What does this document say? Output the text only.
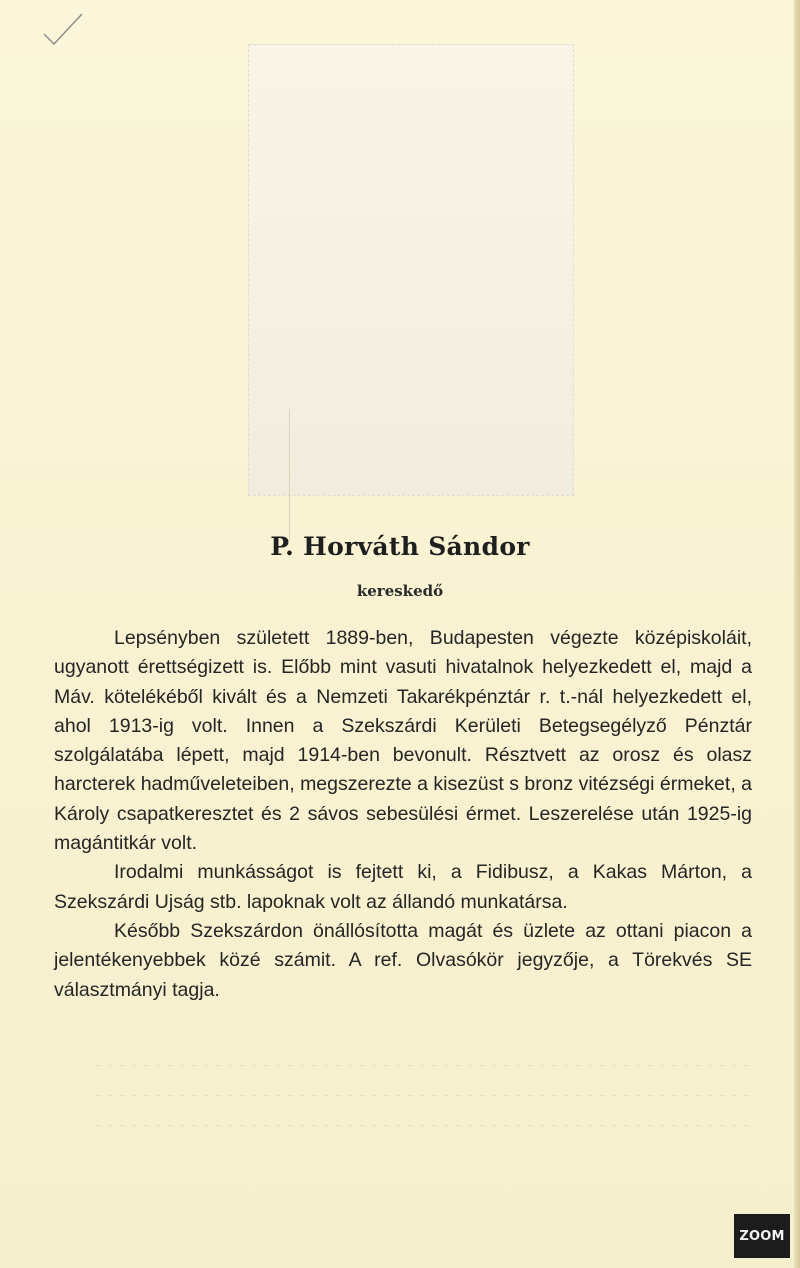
P. Horváth Sándor
kereskedő

Lepsényben született 1889-ben, Budapesten végezte középiskoláit, ugyanott érettségizett is. Előbb mint vasuti hivatalnok helyezkedett el, majd a Máv. kötelékéből kivált és a Nemzeti Takarékpénztár r. t.-nál helyezkedett el, ahol 1913-ig volt. Innen a Szekszárdi Kerületi Betegsegélyző Pénztár szolgálatába lépett, majd 1914-ben bevonult. Résztvett az orosz és olasz harcterek hadműveleteiben, megszerezte a kisezüst s bronz vitézségi érmeket, a Károly csapatkeresztet és 2 sávos sebesülési érmet. Leszerelése után 1925-ig magántitkár volt.

Irodalmi munkásságot is fejtett ki, a Fidibusz, a Kakas Márton, a Szekszárdi Ujság stb. lapoknak volt az állandó munkatársa.

Később Szekszárdon önállósította magát és üzlete az ottani piacon a jelentékenyebbek közé számit. A ref. Olvasókör jegyzője, a Törekvés SE választmányi tagja.

ZOOM
